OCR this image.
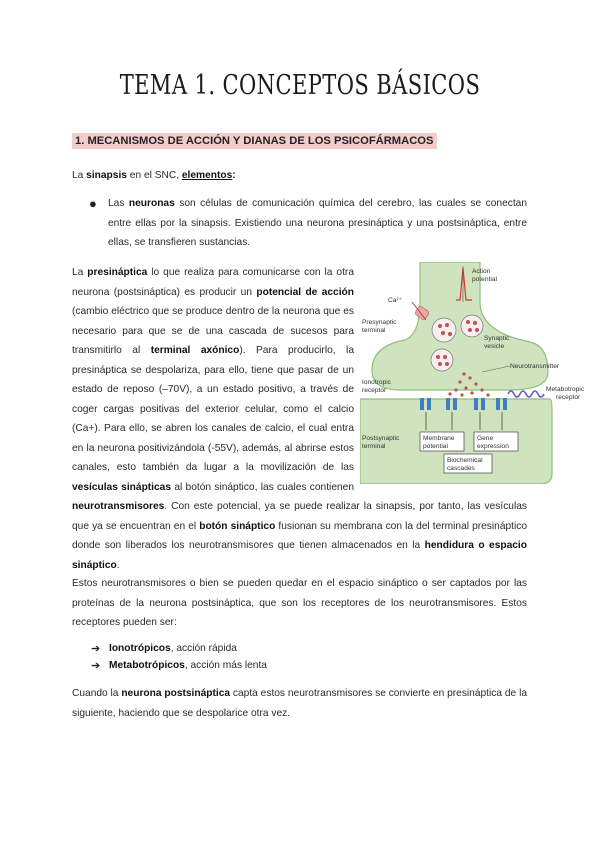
TEMA 1. CONCEPTOS BÁSICOS
1. MECANISMOS DE ACCIÓN Y DIANAS DE LOS PSICOFÁRMACOS
La sinapsis en el SNC, elementos:
● Las neuronas son células de comunicación química del cerebro, las cuales se conectan entre ellas por la sinapsis. Existiendo una neurona presináptica y una postsináptica, entre ellas, se transfieren sustancias.
La presináptica lo que realiza para comunicarse con la otra neurona (postsináptica) es producir un potencial de acción (cambio eléctrico que se produce dentro de la neurona que es necesario para que se de una cascada de sucesos para transmitirlo al terminal axónico). Para producirlo, la presináptica se despolariza, para ello, tiene que pasar de un estado de reposo (–70V), a un estado positivo, a través de coger cargas positivas del exterior celular, como el calcio (Ca+). Para ello, se abren los canales de calcio, el cual entra en la neurona positivizándola (-55V), además, al abrirse estos canales, esto también da lugar a la movilización de las vesículas sinápticas al botón sináptico, las cuales contienen neurotransmisores. Con este potencial, ya se puede realizar la sinapsis, por tanto, las vesículas que ya se encuentran en el botón sináptico fusionan su membrana con la del terminal presináptico donde son liberados los neurotransmisores que tienen almacenados en la hendidura o espacio sináptico.
Estos neurotransmisores o bien se pueden quedar en el espacio sináptico o ser captados por las proteínas de la neurona postsináptica, que son los receptores de los neurotransmisores. Estos receptores pueden ser:
➔ Ionotrópicos, acción rápida
➔ Metabotrópicos, acción más lenta
Cuando la neurona postsináptica capta estos neurotransmisores se convierte en presináptica de la siguiente, haciendo que se despolarice otra vez.
Action
potential
Ca²⁺
Presynaptic
terminal
Synaptic
vesicle
Neurotransmitter
Ionotropic
receptor	Metabotropic
receptor
Membrane
potential
Gene
expression
Biochemical
cascades
Postsynaptic
terminal
